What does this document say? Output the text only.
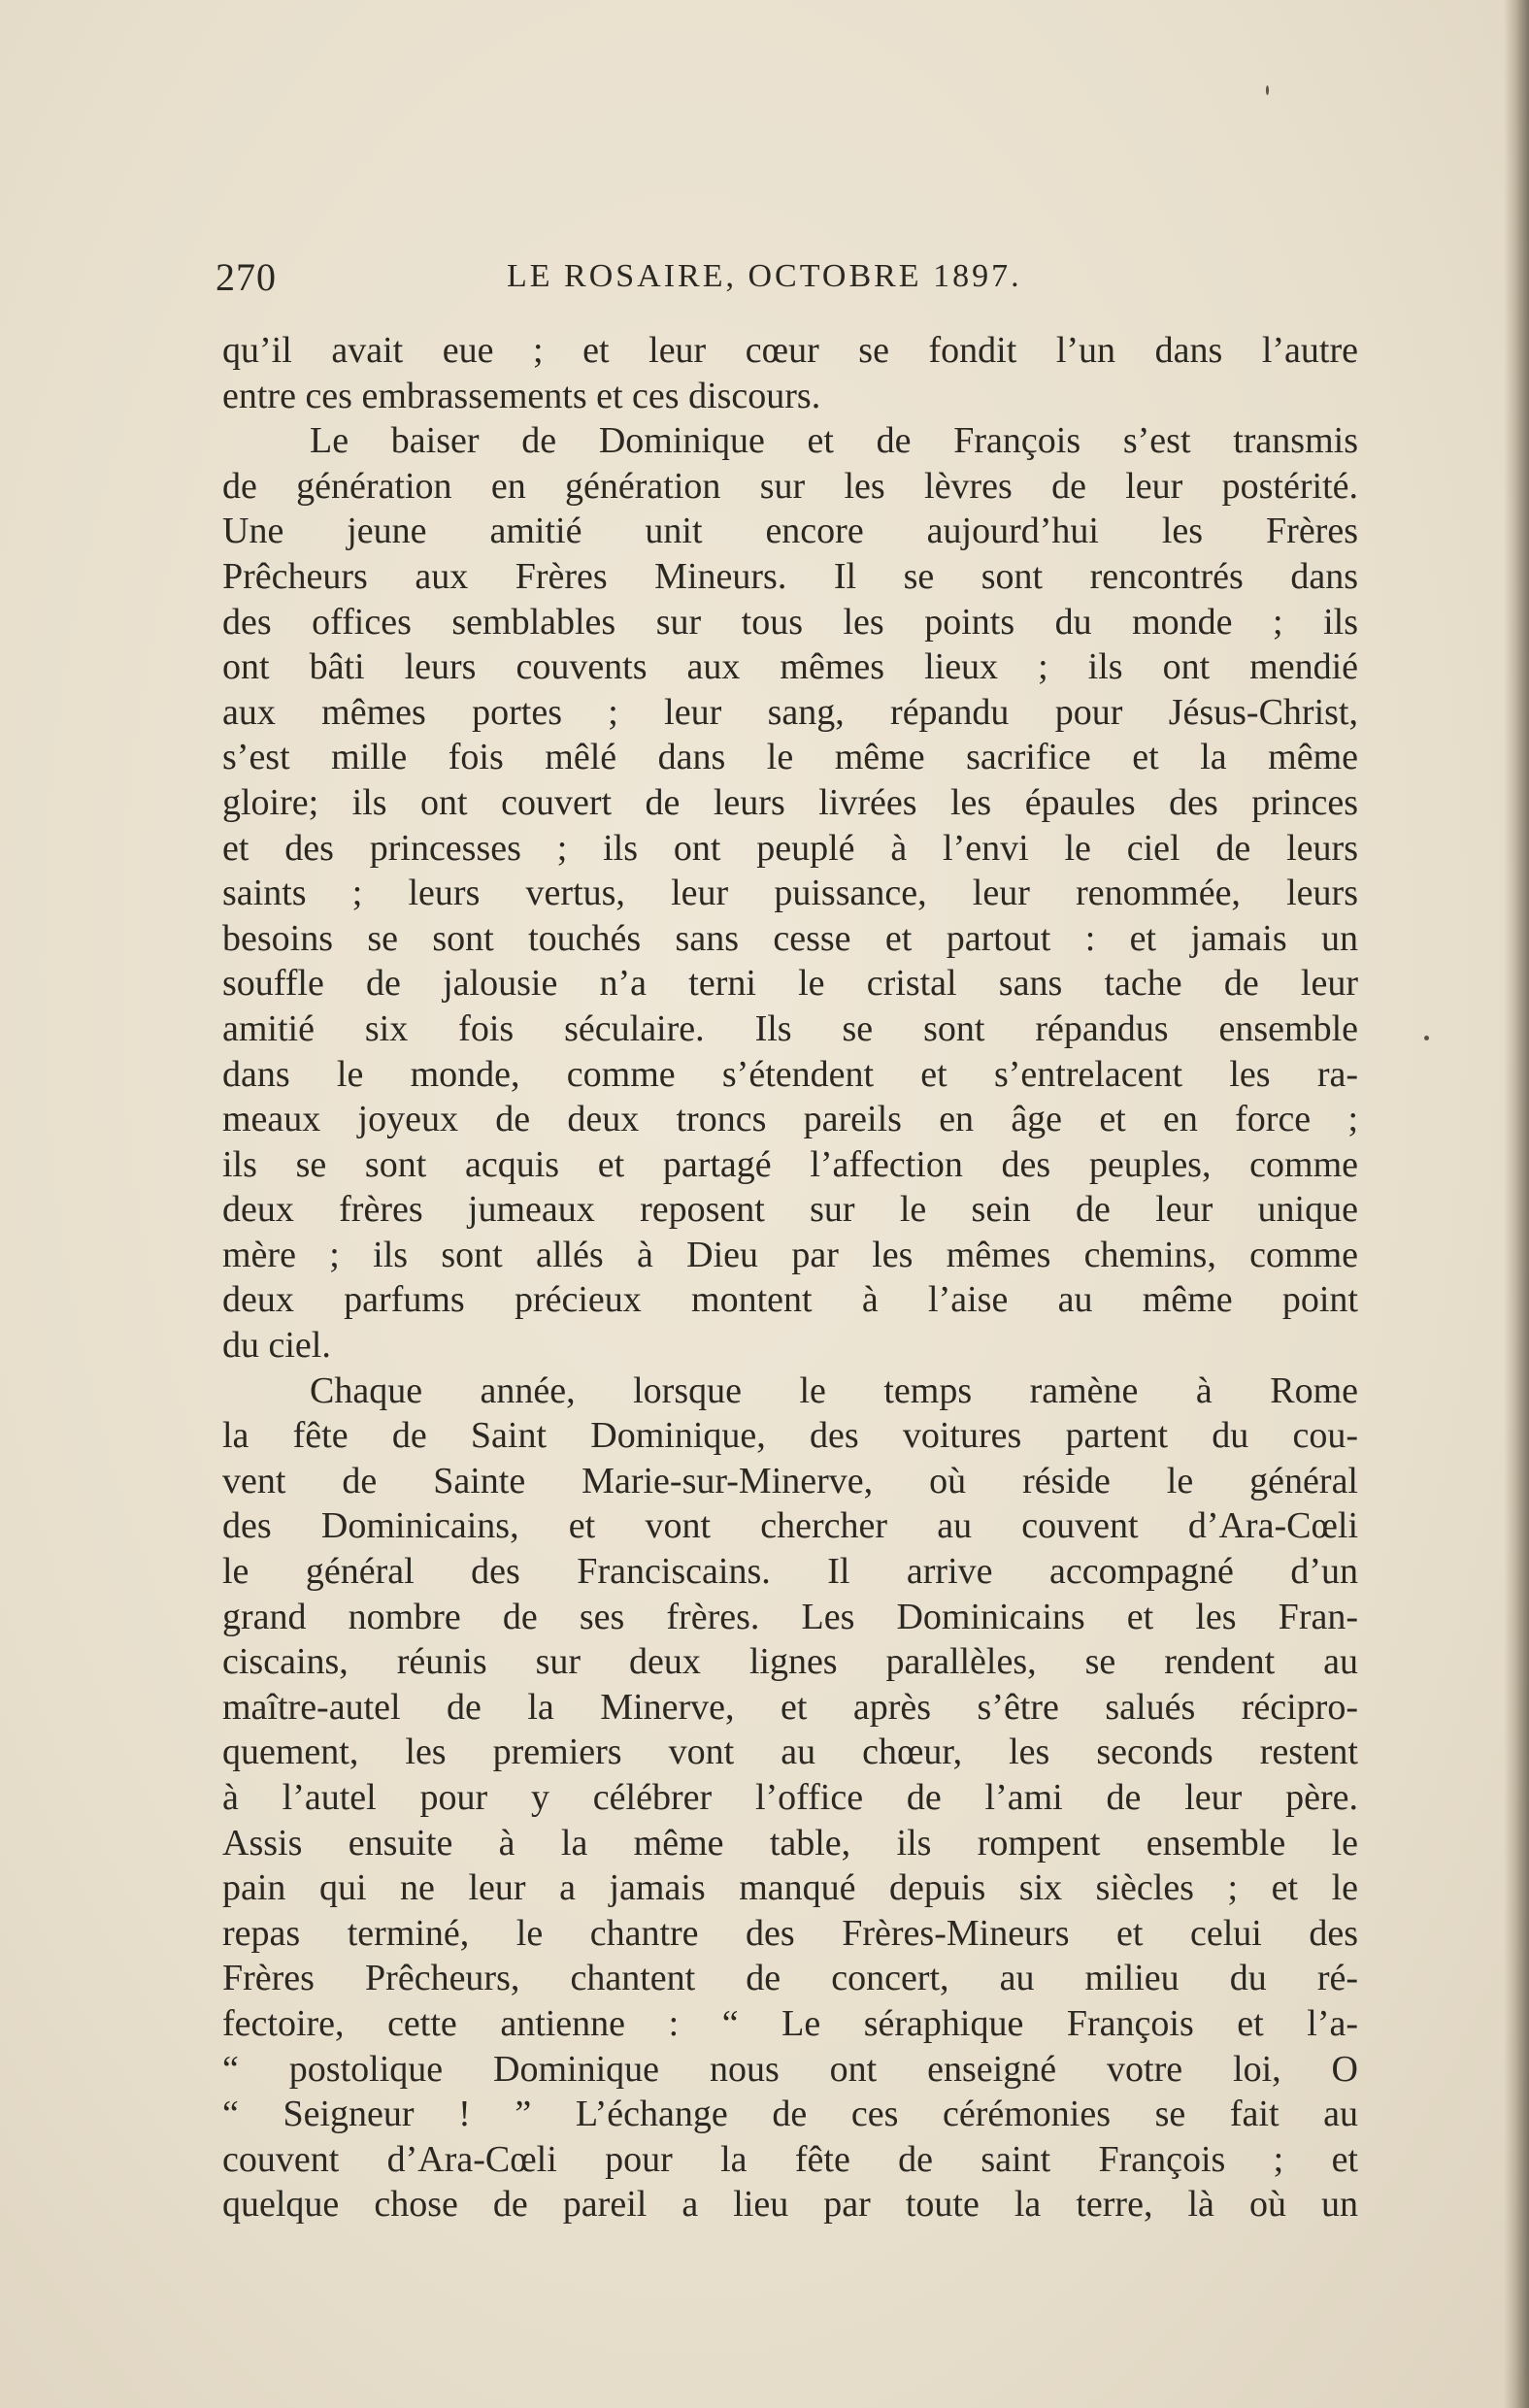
270	LE ROSAIRE, OCTOBRE 1897.
qu’il avait eue ; et leur cœur se fondit l’un dans l’autre
entre ces embrassements et ces discours.
Le baiser de Dominique et de François s’est transmis
de génération en génération sur les lèvres de leur postérité.
Une jeune amitié unit encore aujourd’hui les Frères
Prêcheurs aux Frères Mineurs. Il se sont rencontrés dans
des offices semblables sur tous les points du monde ; ils
ont bâti leurs couvents aux mêmes lieux ; ils ont mendié
aux mêmes portes ; leur sang, répandu pour Jésus-Christ,
s’est mille fois mêlé dans le même sacrifice et la même
gloire; ils ont couvert de leurs livrées les épaules des princes
et des princesses ; ils ont peuplé à l’envi le ciel de leurs
saints ; leurs vertus, leur puissance, leur renommée, leurs
besoins se sont touchés sans cesse et partout : et jamais un
souffle de jalousie n’a terni le cristal sans tache de leur
amitié six fois séculaire. Ils se sont répandus ensemble
dans le monde, comme s’étendent et s’entrelacent les ra-
meaux joyeux de deux troncs pareils en âge et en force ;
ils se sont acquis et partagé l’affection des peuples, comme
deux frères jumeaux reposent sur le sein de leur unique
mère ; ils sont allés à Dieu par les mêmes chemins, comme
deux parfums précieux montent à l’aise au même point
du ciel.
Chaque année, lorsque le temps ramène à Rome
la fête de Saint Dominique, des voitures partent du cou-
vent de Sainte Marie-sur-Minerve, où réside le général
des Dominicains, et vont chercher au couvent d’Ara-Cœli
le général des Franciscains. Il arrive accompagné d’un
grand nombre de ses frères. Les Dominicains et les Fran-
ciscains, réunis sur deux lignes parallèles, se rendent au
maître-autel de la Minerve, et après s’être salués récipro-
quement, les premiers vont au chœur, les seconds restent
à l’autel pour y célébrer l’office de l’ami de leur père.
Assis ensuite à la même table, ils rompent ensemble le
pain qui ne leur a jamais manqué depuis six siècles ; et le
repas terminé, le chantre des Frères-Mineurs et celui des
Frères Prêcheurs, chantent de concert, au milieu du ré-
fectoire, cette antienne : “ Le séraphique François et l’a-
“ postolique Dominique nous ont enseigné votre loi, O
“ Seigneur ! ” L’échange de ces cérémonies se fait au
couvent d’Ara-Cœli pour la fête de saint François ; et
quelque chose de pareil a lieu par toute la terre, là où un
